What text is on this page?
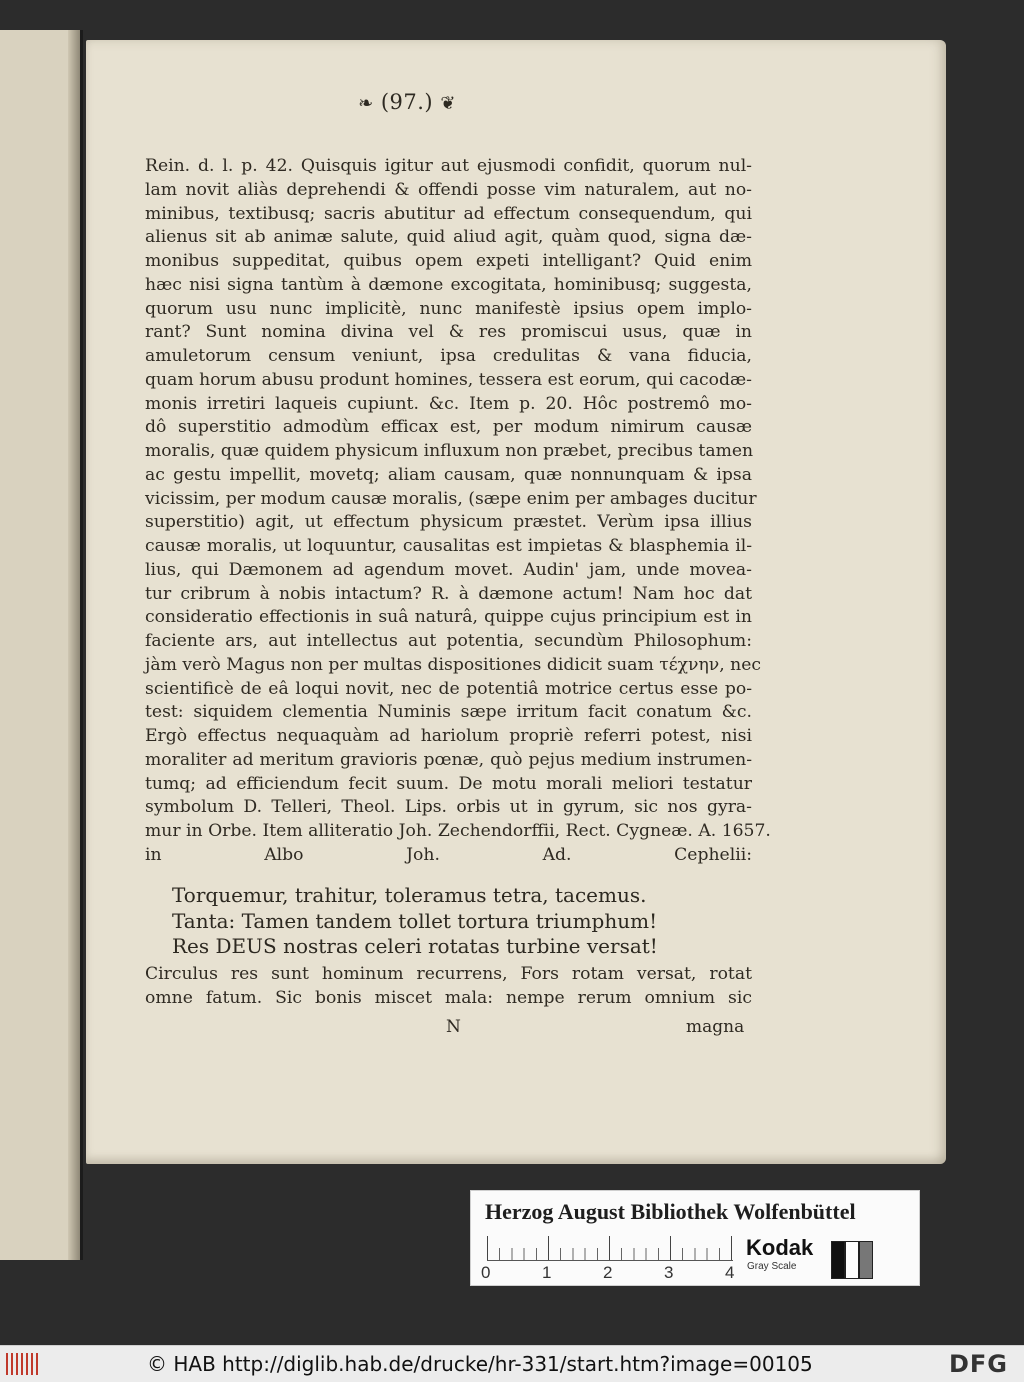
❧ (97.) ❦
Rein. d. l. p. 42. Quisquis igitur aut ejusmodi confidit, quorum nul-
lam novit aliàs deprehendi & offendi posse vim naturalem, aut no-
minibus, textibusq; sacris abutitur ad effectum consequendum, qui
alienus sit ab animæ salute, quid aliud agit, quàm quod, signa dæ-
monibus suppeditat, quibus opem expeti intelligant? Quid enim
hæc nisi signa tantùm à dæmone excogitata, hominibusq; suggesta,
quorum usu nunc implicitè, nunc manifestè ipsius opem implo-
rant? Sunt nomina divina vel & res promiscui usus, quæ in
amuletorum censum veniunt, ipsa credulitas & vana fiducia,
quam horum abusu produnt homines, tessera est eorum, qui cacodæ-
monis irretiri laqueis cupiunt. &c. Item p. 20. Hôc postremô mo-
dô superstitio admodùm efficax est, per modum nimirum causæ
moralis, quæ quidem physicum influxum non præbet, precibus tamen
ac gestu impellit, movetq; aliam causam, quæ nonnunquam & ipsa
vicissim, per modum causæ moralis, (sæpe enim per ambages ducitur
superstitio) agit, ut effectum physicum præstet. Verùm ipsa illius
causæ moralis, ut loquuntur, causalitas est impietas & blasphemia il-
lius, qui Dæmonem ad agendum movet. Audin' jam, unde movea-
tur cribrum à nobis intactum? R. à dæmone actum! Nam hoc dat
consideratio effectionis in suâ naturâ, quippe cujus principium est in
faciente ars, aut intellectus aut potentia, secundùm Philosophum:
jàm verò Magus non per multas dispositiones didicit suam τέχνην, nec
scientificè de eâ loqui novit, nec de potentiâ motrice certus esse po-
test: siquidem clementia Numinis sæpe irritum facit conatum &c.
Ergò effectus nequaquàm ad hariolum propriè referri potest, nisi
moraliter ad meritum gravioris pœnæ, quò pejus medium instrumen-
tumq; ad efficiendum fecit suum. De motu morali meliori testatur
symbolum D. Telleri, Theol. Lips. orbis ut in gyrum, sic nos gyra-
mur in Orbe. Item alliteratio Joh. Zechendorffii, Rect. Cygneæ. A. 1657.
in Albo Joh. Ad. Cephelii:
Torquemur, trahitur, toleramus tetra, tacemus.
Tanta: Tamen tandem tollet tortura triumphum!
Res DEUS nostras celeri rotatas turbine versat!
Circulus res sunt hominum recurrens, Fors rotam versat, rotat
omne fatum. Sic bonis miscet mala: nempe rerum omnium sic
N	magna
Herzog August Bibliothek Wolfenbüttel
0	1	2	3	4
Kodak
Gray Scale
© HAB http://diglib.hab.de/drucke/hr-331/start.htm?image=00105	DFG
